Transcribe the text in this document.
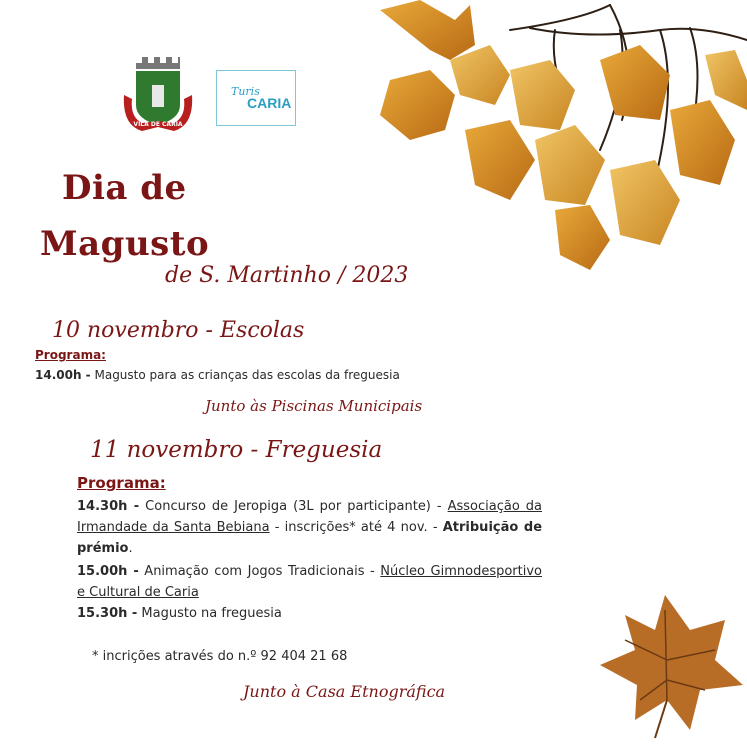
VILA DE CARIA
Turis
CARIA
Dia de
Magusto
de S. Martinho / 2023
10 novembro - Escolas
Programa:
14.00h - Magusto para as crianças das escolas da freguesia
Junto às Piscinas Municipais
11 novembro - Freguesia
Programa:
14.30h - Concurso de Jeropiga (3L por participante) - Associação da Irmandade da Santa Bebiana - inscrições* até 4 nov. - Atribuição de prémio.
15.00h - Animação com Jogos Tradicionais - Núcleo Gimnodesportivo e Cultural de Caria
15.30h - Magusto na freguesia
* incrições através do n.º 92 404 21 68
Junto à Casa Etnográfica
